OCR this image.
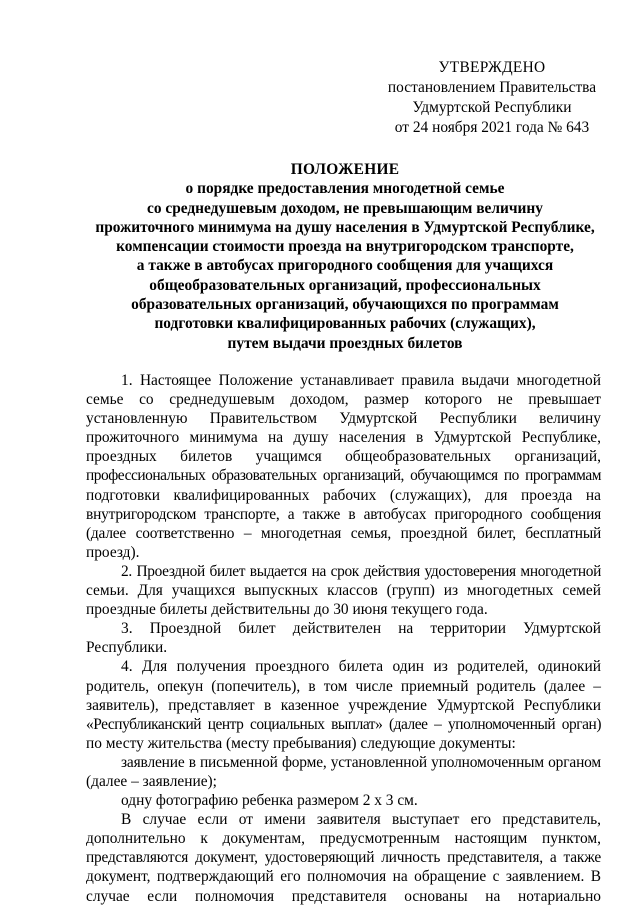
УТВЕРЖДЕНО
постановлением Правительства
Удмуртской Республики
от 24 ноября 2021 года № 643
ПОЛОЖЕНИЕ
о порядке предоставления многодетной семье
со среднедушевым доходом, не превышающим величину
прожиточного минимума на душу населения в Удмуртской Республике,
компенсации стоимости проезда на внутригородском транспорте,
а также в автобусах пригородного сообщения для учащихся
общеобразовательных организаций, профессиональных
образовательных организаций, обучающихся по программам
подготовки квалифицированных рабочих (служащих),
путем выдачи проездных билетов
1. Настоящее Положение устанавливает правила выдачи многодетной
семье со среднедушевым доходом, размер которого не превышает
установленную Правительством Удмуртской Республики величину
прожиточного минимума на душу населения в Удмуртской Республике,
проездных билетов учащимся общеобразовательных организаций,
профессиональных образовательных организаций, обучающимся по программам
подготовки квалифицированных рабочих (служащих), для проезда на
внутригородском транспорте, а также в автобусах пригородного сообщения
(далее соответственно – многодетная семья, проездной билет, бесплатный
проезд).
2. Проездной билет выдается на срок действия удостоверения многодетной
семьи. Для учащихся выпускных классов (групп) из многодетных семей
проездные билеты действительны до 30 июня текущего года.
3. Проездной билет действителен на территории Удмуртской Республики.
4. Для получения проездного билета один из родителей, одинокий
родитель, опекун (попечитель), в том числе приемный родитель (далее –
заявитель), представляет в казенное учреждение Удмуртской Республики
«Республиканский центр социальных выплат» (далее – уполномоченный орган)
по месту жительства (месту пребывания) следующие документы:
заявление в письменной форме, установленной уполномоченным органом
(далее – заявление);
одну фотографию ребенка размером 2 х 3 см.
В случае если от имени заявителя выступает его представитель,
дополнительно к документам, предусмотренным настоящим пунктом,
представляются документ, удостоверяющий личность представителя, а также
документ, подтверждающий его полномочия на обращение с заявлением. В
случае если полномочия представителя основаны на нотариально
